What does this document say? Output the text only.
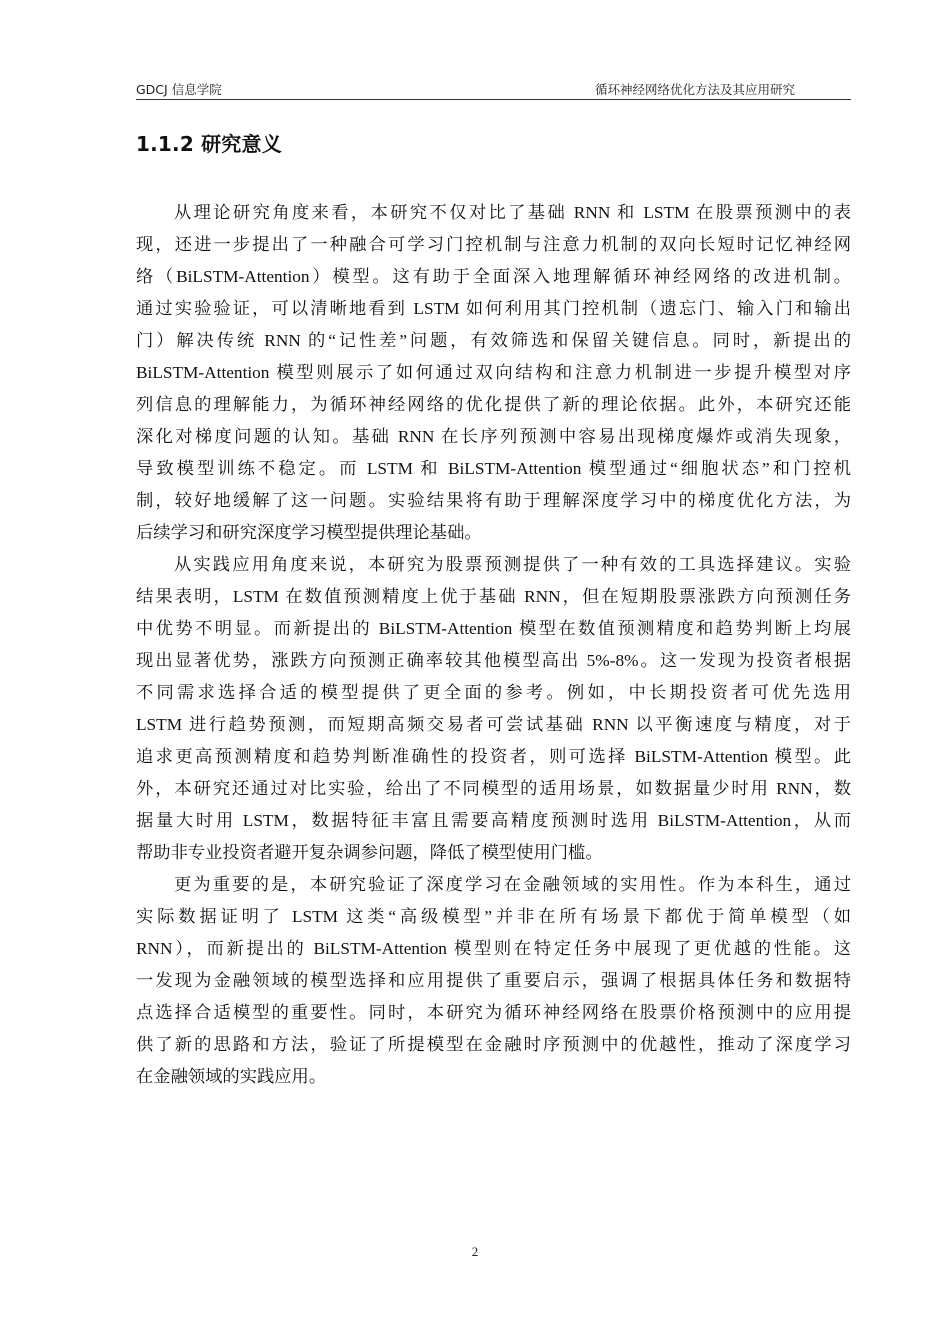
GDCJ 信息学院	循环神经网络优化方法及其应用研究
1.1.2 研究意义
从理论研究角度来看，本研究不仅对比了基础 RNN 和 LSTM 在股票预测中的表
现，还进一步提出了一种融合可学习门控机制与注意力机制的双向长短时记忆神经网
络（BiLSTM-Attention）模型。这有助于全面深入地理解循环神经网络的改进机制。
通过实验验证，可以清晰地看到 LSTM 如何利用其门控机制（遗忘门、输入门和输出
门）解决传统 RNN 的“记性差”问题，有效筛选和保留关键信息。同时，新提出的
BiLSTM-Attention 模型则展示了如何通过双向结构和注意力机制进一步提升模型对序
列信息的理解能力，为循环神经网络的优化提供了新的理论依据。此外，本研究还能
深化对梯度问题的认知。基础 RNN 在长序列预测中容易出现梯度爆炸或消失现象，
导致模型训练不稳定。而 LSTM 和 BiLSTM-Attention 模型通过“细胞状态”和门控机
制，较好地缓解了这一问题。实验结果将有助于理解深度学习中的梯度优化方法，为
后续学习和研究深度学习模型提供理论基础。
从实践应用角度来说，本研究为股票预测提供了一种有效的工具选择建议。实验
结果表明，LSTM 在数值预测精度上优于基础 RNN，但在短期股票涨跌方向预测任务
中优势不明显。而新提出的 BiLSTM-Attention 模型在数值预测精度和趋势判断上均展
现出显著优势，涨跌方向预测正确率较其他模型高出 5%-8%。这一发现为投资者根据
不同需求选择合适的模型提供了更全面的参考。例如，中长期投资者可优先选用
LSTM 进行趋势预测，而短期高频交易者可尝试基础 RNN 以平衡速度与精度，对于
追求更高预测精度和趋势判断准确性的投资者，则可选择 BiLSTM-Attention 模型。此
外，本研究还通过对比实验，给出了不同模型的适用场景，如数据量少时用 RNN，数
据量大时用 LSTM，数据特征丰富且需要高精度预测时选用 BiLSTM-Attention，从而
帮助非专业投资者避开复杂调参问题，降低了模型使用门槛。
更为重要的是，本研究验证了深度学习在金融领域的实用性。作为本科生，通过
实际数据证明了 LSTM 这类“高级模型”并非在所有场景下都优于简单模型（如
RNN），而新提出的 BiLSTM-Attention 模型则在特定任务中展现了更优越的性能。这
一发现为金融领域的模型选择和应用提供了重要启示，强调了根据具体任务和数据特
点选择合适模型的重要性。同时，本研究为循环神经网络在股票价格预测中的应用提
供了新的思路和方法，验证了所提模型在金融时序预测中的优越性，推动了深度学习
在金融领域的实践应用。
2
